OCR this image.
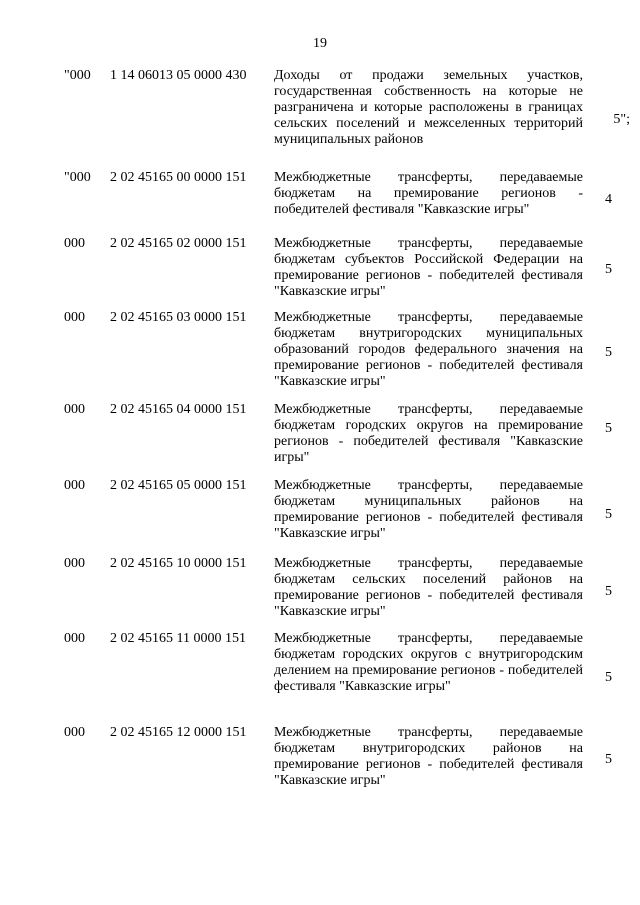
19
"000 1 14 06013 05 0000 430 Доходы от продажи земельных участков, государственная собственность на которые не разграничена и которые расположены в границах сельских поселений и межселенных территорий муниципальных районов
5";
"000 2 02 45165 00 0000 151 Межбюджетные трансферты, передаваемые бюджетам на премирование регионов - победителей фестиваля "Кавказские игры"
4
000 2 02 45165 02 0000 151 Межбюджетные трансферты, передаваемые бюджетам субъектов Российской Федерации на премирование регионов - победителей фестиваля "Кавказские игры"
5
000 2 02 45165 03 0000 151 Межбюджетные трансферты, передаваемые бюджетам внутригородских муниципальных образований городов федерального значения на премирование регионов - победителей фестиваля "Кавказские игры"
5
000 2 02 45165 04 0000 151 Межбюджетные трансферты, передаваемые бюджетам городских округов на премирование регионов - победителей фестиваля "Кавказские игры"
5
000 2 02 45165 05 0000 151 Межбюджетные трансферты, передаваемые бюджетам муниципальных районов на премирование регионов - победителей фестиваля "Кавказские игры"
5
000 2 02 45165 10 0000 151 Межбюджетные трансферты, передаваемые бюджетам сельских поселений районов на премирование регионов - победителей фестиваля "Кавказские игры"
5
000 2 02 45165 11 0000 151 Межбюджетные трансферты, передаваемые бюджетам городских округов с внутригородским делением на премирование регионов - победителей фестиваля "Кавказские игры"
5
000 2 02 45165 12 0000 151 Межбюджетные трансферты, передаваемые бюджетам внутригородских районов на премирование регионов - победителей фестиваля "Кавказские игры"
5
